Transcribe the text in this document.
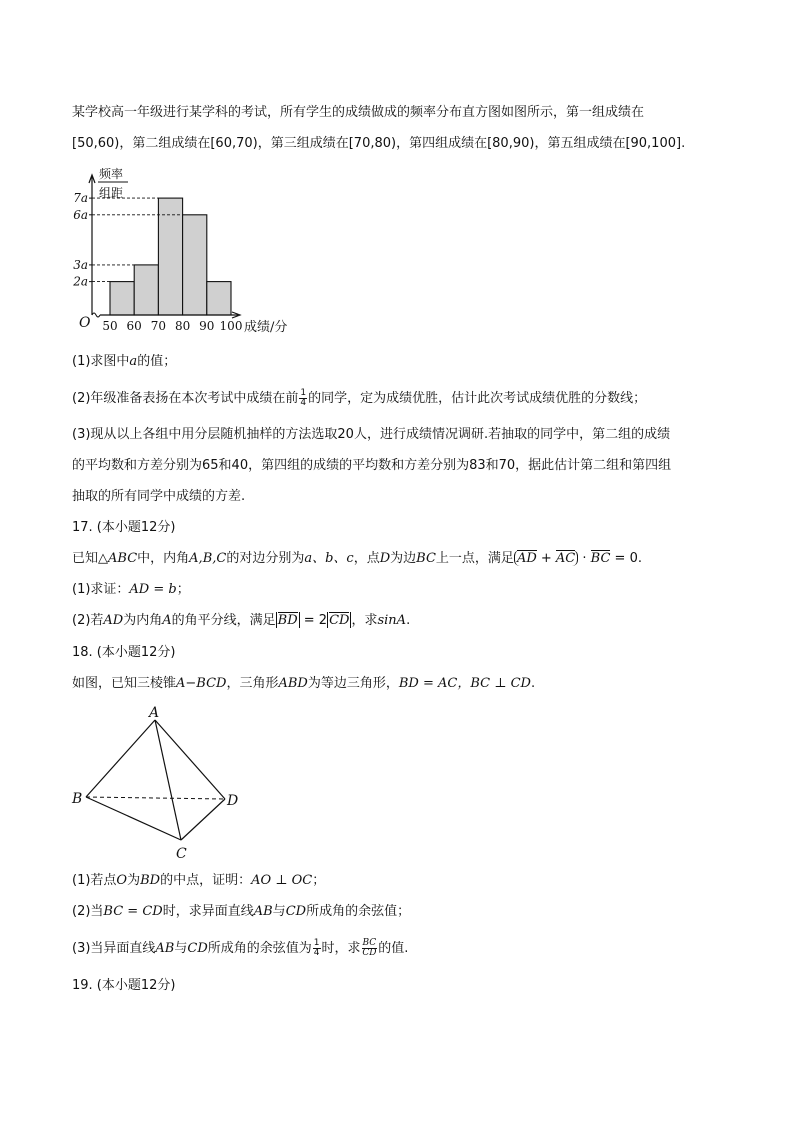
某学校高一年级进行某学科的考试，所有学生的成绩做成的频率分布直方图如图所示，第一组成绩在
[50,60)，第二组成绩在[60,70)，第三组成绩在[70,80)，第四组成绩在[80,90)，第五组成绩在[90,100].
2a
3a
6a
7a
50 60 70 80 90 100
O
频率
组距
成绩/分
(1)求图中a的值；
(2)年级准备表扬在本次考试中成绩在前 $\frac{1}{4}$ 的同学，定为成绩优胜，估计此次考试成绩优胜的分数线；
(3)现从以上各组中用分层随机抽样的方法选取20人，进行成绩情况调研.若抽取的同学中，第二组的成绩
的平均数和方差分别为65和40，第四组的成绩的平均数和方差分别为83和70，据此估计第二组和第四组
抽取的所有同学中成绩的方差.
17. (本小题12分)
已知△ABC中，内角A,B,C的对边分别为a、b、c，点D为边BC上一点，满足 AD + AC · BC = 0.
(1)求证：AD = b；
(2)若AD为内角A的角平分线，满足 BD = 2 CD ，求sinA.
18. (本小题12分)
如图，已知三棱锥A−BCD，三角形ABD为等边三角形，BD = AC，BC ⊥ CD.
A
B
C
D
(1)若点O为BD的中点，证明：AO ⊥ OC；
(2)当BC = CD时，求异面直线AB与CD所成角的余弦值；
(3)当异面直线AB与CD所成角的余弦值为 $\frac{1}{4}$ 时，求 $\frac{BC}{CD}$ 的值.
19. (本小题12分)
